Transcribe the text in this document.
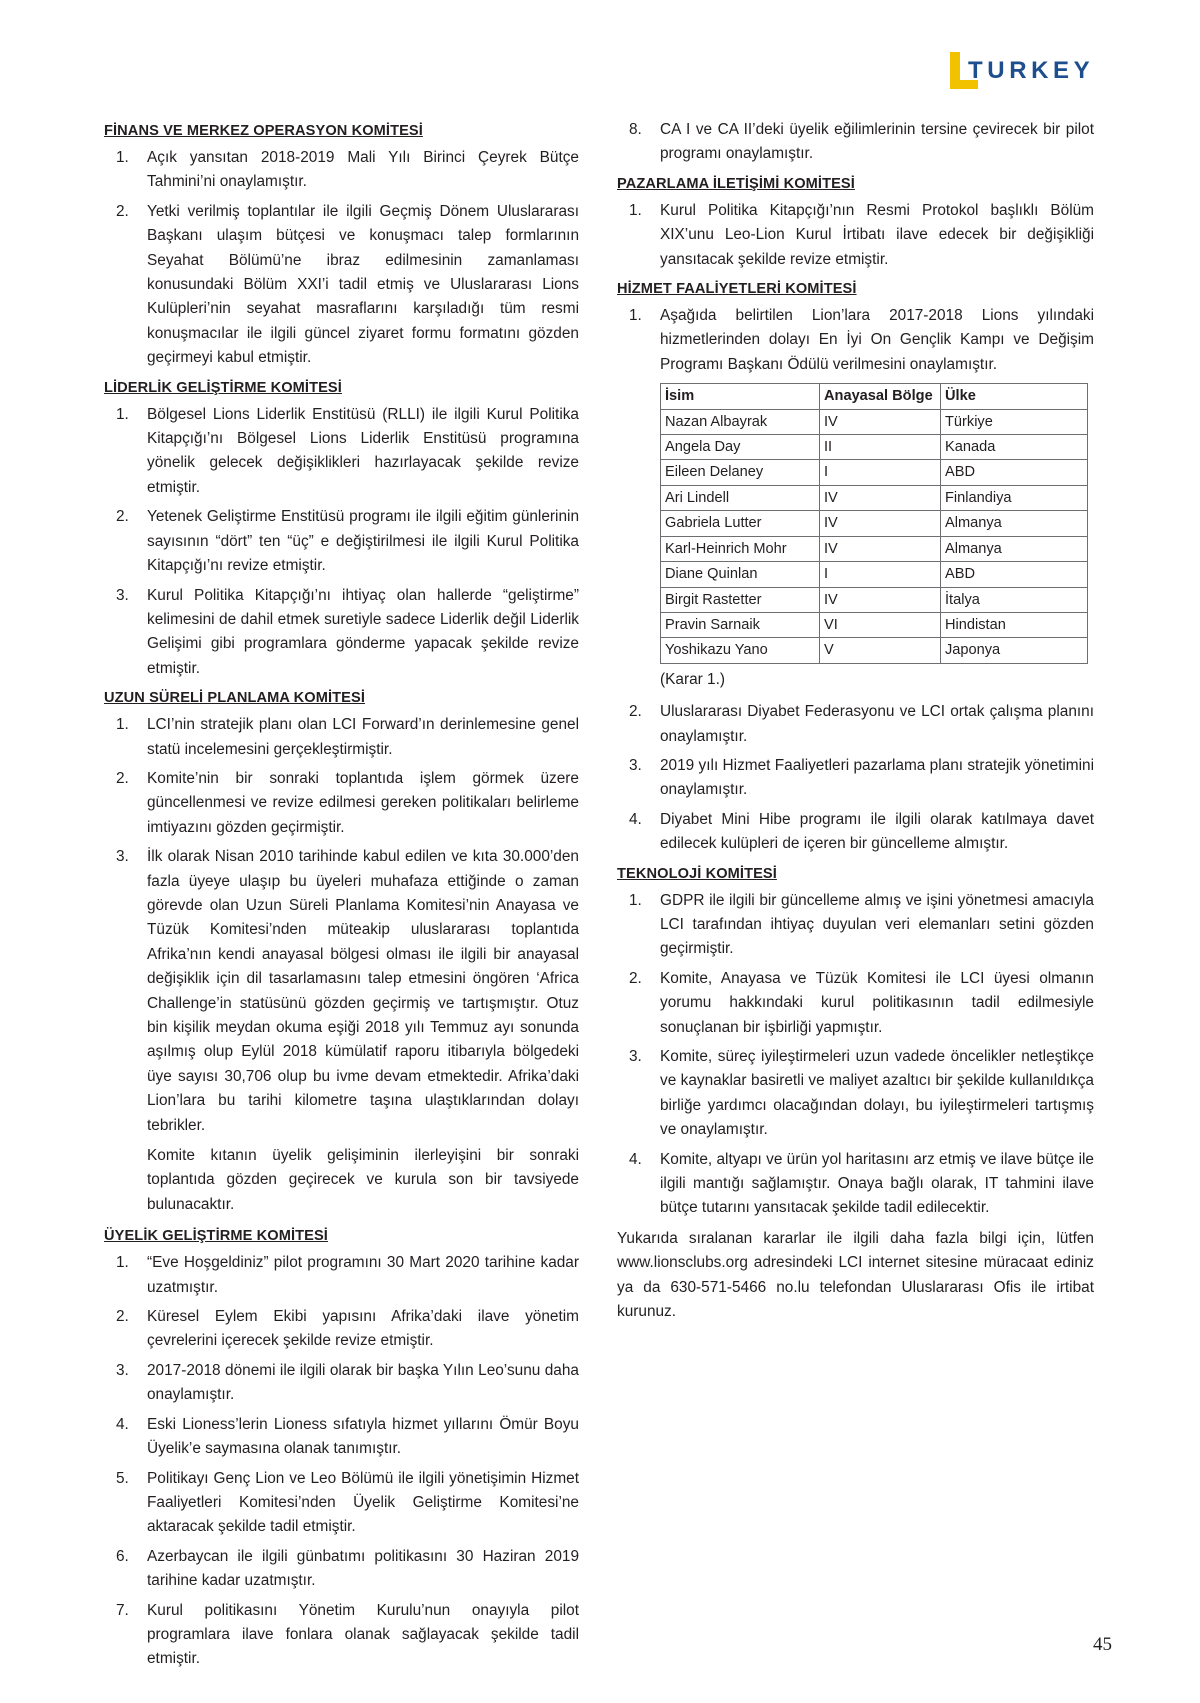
TURKEY
FİNANS VE MERKEZ OPERASYON KOMİTESİ
1. Açık yansıtan 2018-2019 Mali Yılı Birinci Çeyrek Bütçe Tahmini’ni onaylamıştır.
2. Yetki verilmiş toplantılar ile ilgili Geçmiş Dönem Uluslararası Başkanı ulaşım bütçesi ve konuşmacı talep formlarının Seyahat Bölümü’ne ibraz edilmesinin zamanlaması konusundaki Bölüm XXI’i tadil etmiş ve Uluslararası Lions Kulüpleri’nin seyahat masraflarını karşıladığı tüm resmi konuşmacılar ile ilgili güncel ziyaret formu formatını gözden geçirmeyi kabul etmiştir.
LİDERLİK GELİŞTİRME KOMİTESİ
1. Bölgesel Lions Liderlik Enstitüsü (RLLI) ile ilgili Kurul Politika Kitapçığı’nı Bölgesel Lions Liderlik Enstitüsü programına yönelik gelecek değişiklikleri hazırlayacak şekilde revize etmiştir.
2. Yetenek Geliştirme Enstitüsü programı ile ilgili eğitim günlerinin sayısının “dört” ten “üç” e değiştirilmesi ile ilgili Kurul Politika Kitapçığı’nı revize etmiştir.
3. Kurul Politika Kitapçığı’nı ihtiyaç olan hallerde “geliştirme” kelimesini de dahil etmek suretiyle sadece Liderlik değil Liderlik Gelişimi gibi programlara gönderme yapacak şekilde revize etmiştir.
UZUN SÜRELİ PLANLAMA KOMİTESİ
1. LCI’nin stratejik planı olan LCI Forward’ın derinlemesine genel statü incelemesini gerçekleştirmiştir.
2. Komite’nin bir sonraki toplantıda işlem görmek üzere güncellenmesi ve revize edilmesi gereken politikaları belirleme imtiyazını gözden geçirmiştir.
3. İlk olarak Nisan 2010 tarihinde kabul edilen ve kıta 30.000’den fazla üyeye ulaşıp bu üyeleri muhafaza ettiğinde o zaman görevde olan Uzun Süreli Planlama Komitesi’nin Anayasa ve Tüzük Komitesi’nden müteakip uluslararası toplantıda Afrika’nın kendi anayasal bölgesi olması ile ilgili bir anayasal değişiklik için dil tasarlamasını talep etmesini öngören ‘Africa Challenge’in statüsünü gözden geçirmiş ve tartışmıştır. Otuz bin kişilik meydan okuma eşiği 2018 yılı Temmuz ayı sonunda aşılmış olup Eylül 2018 kümülatif raporu itibarıyla bölgedeki üye sayısı 30,706 olup bu ivme devam etmektedir. Afrika’daki Lion’lara bu tarihi kilometre taşına ulaştıklarından dolayı tebrikler.

Komite kıtanın üyelik gelişiminin ilerleyişini bir sonraki toplantıda gözden geçirecek ve kurula son bir tavsiyede bulunacaktır.

ÜYELİK GELİŞTİRME KOMİTESİ
1. “Eve Hoşgeldiniz” pilot programını 30 Mart 2020 tarihine kadar uzatmıştır.
2. Küresel Eylem Ekibi yapısını Afrika’daki ilave yönetim çevrelerini içerecek şekilde revize etmiştir.
3. 2017-2018 dönemi ile ilgili olarak bir başka Yılın Leo’sunu daha onaylamıştır.
4. Eski Lioness’lerin Lioness sıfatıyla hizmet yıllarını Ömür Boyu Üyelik’e saymasına olanak tanımıştır.
5. Politikayı Genç Lion ve Leo Bölümü ile ilgili yönetişimin Hizmet Faaliyetleri Komitesi’nden Üyelik Geliştirme Komitesi’ne aktaracak şekilde tadil etmiştir.
6. Azerbaycan ile ilgili günbatımı politikasını 30 Haziran 2019 tarihine kadar uzatmıştır.
7. Kurul politikasını Yönetim Kurulu’nun onayıyla pilot programlara ilave fonlara olanak sağlayacak şekilde tadil etmiştir.
8. CA I ve CA II’deki üyelik eğilimlerinin tersine çevirecek bir pilot programı onaylamıştır.
PAZARLAMA İLETİŞİMİ KOMİTESİ
1. Kurul Politika Kitapçığı’nın Resmi Protokol başlıklı Bölüm XIX’unu Leo-Lion Kurul İrtibatı ilave edecek bir değişikliği yansıtacak şekilde revize etmiştir.
HİZMET FAALİYETLERİ KOMİTESİ
1. Aşağıda belirtilen Lion’lara 2017-2018 Lions yılındaki hizmetlerinden dolayı En İyi On Gençlik Kampı ve Değişim Programı Başkanı Ödülü verilmesini onaylamıştır.
İsim	Anayasal Bölge	Ülke
Nazan Albayrak	IV	Türkiye
Angela Day	II	Kanada
Eileen Delaney	I	ABD
Ari Lindell	IV	Finlandiya
Gabriela Lutter	IV	Almanya
Karl-Heinrich Mohr	IV	Almanya
Diane Quinlan	I	ABD
Birgit Rastetter	IV	İtalya
Pravin Sarnaik	VI	Hindistan
Yoshikazu Yano	V	Japonya
(Karar 1.)
2. Uluslararası Diyabet Federasyonu ve LCI ortak çalışma planını onaylamıştır.
3. 2019 yılı Hizmet Faaliyetleri pazarlama planı stratejik yönetimini onaylamıştır.
4. Diyabet Mini Hibe programı ile ilgili olarak katılmaya davet edilecek kulüpleri de içeren bir güncelleme almıştır.
TEKNOLOJİ KOMİTESİ
1. GDPR ile ilgili bir güncelleme almış ve işini yönetmesi amacıyla LCI tarafından ihtiyaç duyulan veri elemanları setini gözden geçirmiştir.
2. Komite, Anayasa ve Tüzük Komitesi ile LCI üyesi olmanın yorumu hakkındaki kurul politikasının tadil edilmesiyle sonuçlanan bir işbirliği yapmıştır.
3. Komite, süreç iyileştirmeleri uzun vadede öncelikler netleştikçe ve kaynaklar basiretli ve maliyet azaltıcı bir şekilde kullanıldıkça birliğe yardımcı olacağından dolayı, bu iyileştirmeleri tartışmış ve onaylamıştır.
4. Komite, altyapı ve ürün yol haritasını arz etmiş ve ilave bütçe ile ilgili mantığı sağlamıştır. Onaya bağlı olarak, IT tahmini ilave bütçe tutarını yansıtacak şekilde tadil edilecektir.

Yukarıda sıralanan kararlar ile ilgili daha fazla bilgi için, lütfen www.lionsclubs.org adresindeki LCI internet sitesine müracaat ediniz ya da 630-571-5466 no.lu telefondan Uluslararası Ofis ile irtibat kurunuz.

45
